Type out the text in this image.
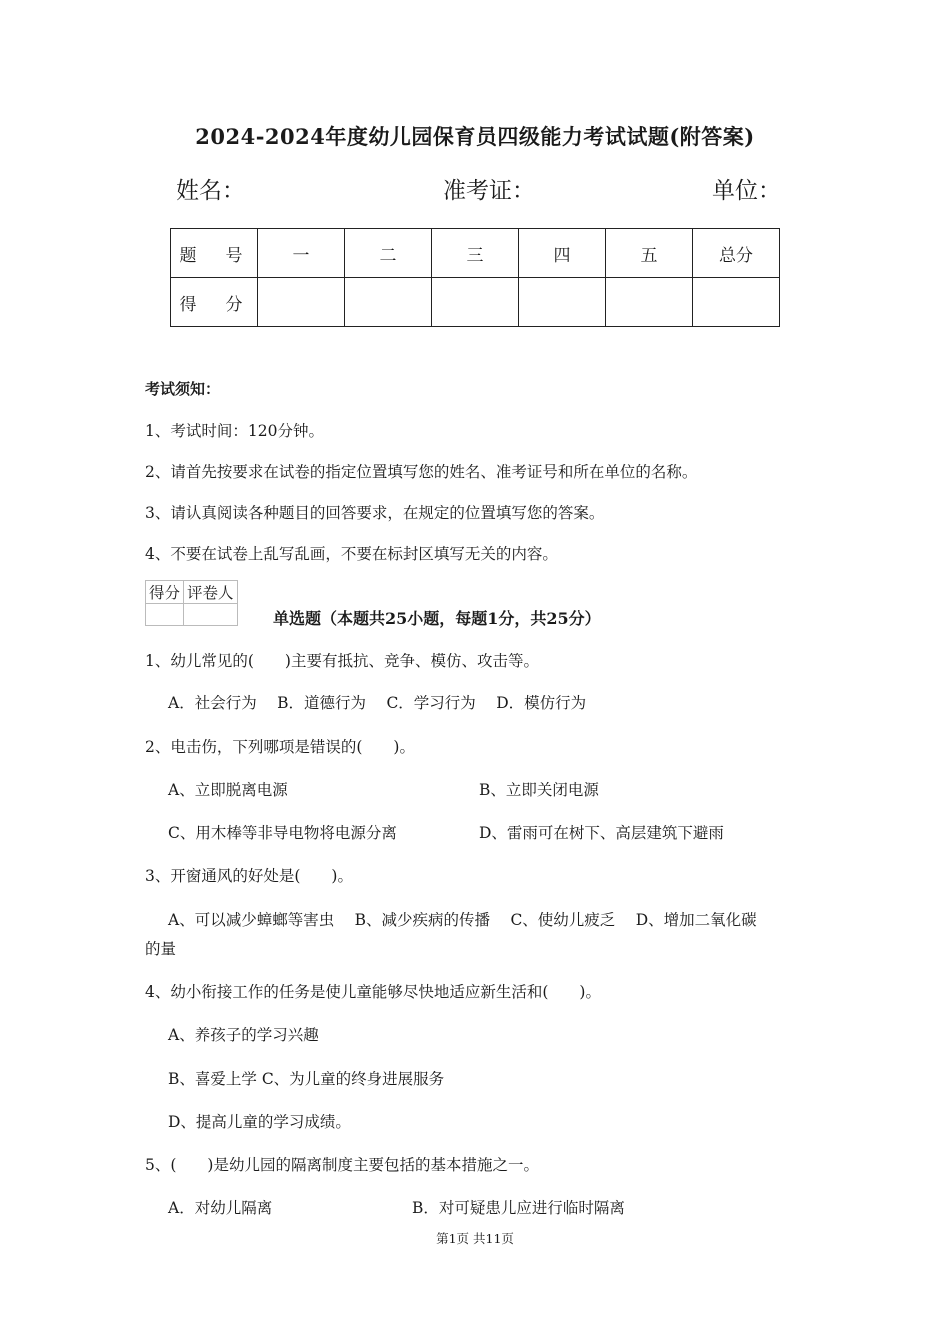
2024-2024年度幼儿园保育员四级能力考试试题(附答案)
姓名：	准考证：	单位：
题　号	一	二	三	四	五	总分
得　分						
考试须知：
1、考试时间：120分钟。
2、请首先按要求在试卷的指定位置填写您的姓名、准考证号和所在单位的名称。
3、请认真阅读各种题目的回答要求，在规定的位置填写您的答案。
4、不要在试卷上乱写乱画，不要在标封区填写无关的内容。
得分	评卷人

单选题（本题共25小题，每题1分，共25分）
1、幼儿常见的(　　)主要有抵抗、竞争、模仿、攻击等。
A．社会行为　 B．道德行为　 C．学习行为　 D．模仿行为
2、电击伤，下列哪项是错误的(　　)。
A、立即脱离电源	B、立即关闭电源
C、用木棒等非导电物将电源分离	D、雷雨可在树下、高层建筑下避雨
3、开窗通风的好处是(　　)。
A、可以减少蟑螂等害虫　 B、减少疾病的传播　 C、使幼儿疲乏　 D、增加二氧化碳
的量
4、幼小衔接工作的任务是使儿童能够尽快地适应新生活和(　　)。
A、养孩子的学习兴趣
B、喜爱上学 C、为儿童的终身进展服务
D、提高儿童的学习成绩。
5、(　　)是幼儿园的隔离制度主要包括的基本措施之一。
A．对幼儿隔离	B．对可疑患儿应进行临时隔离
第1页 共11页
